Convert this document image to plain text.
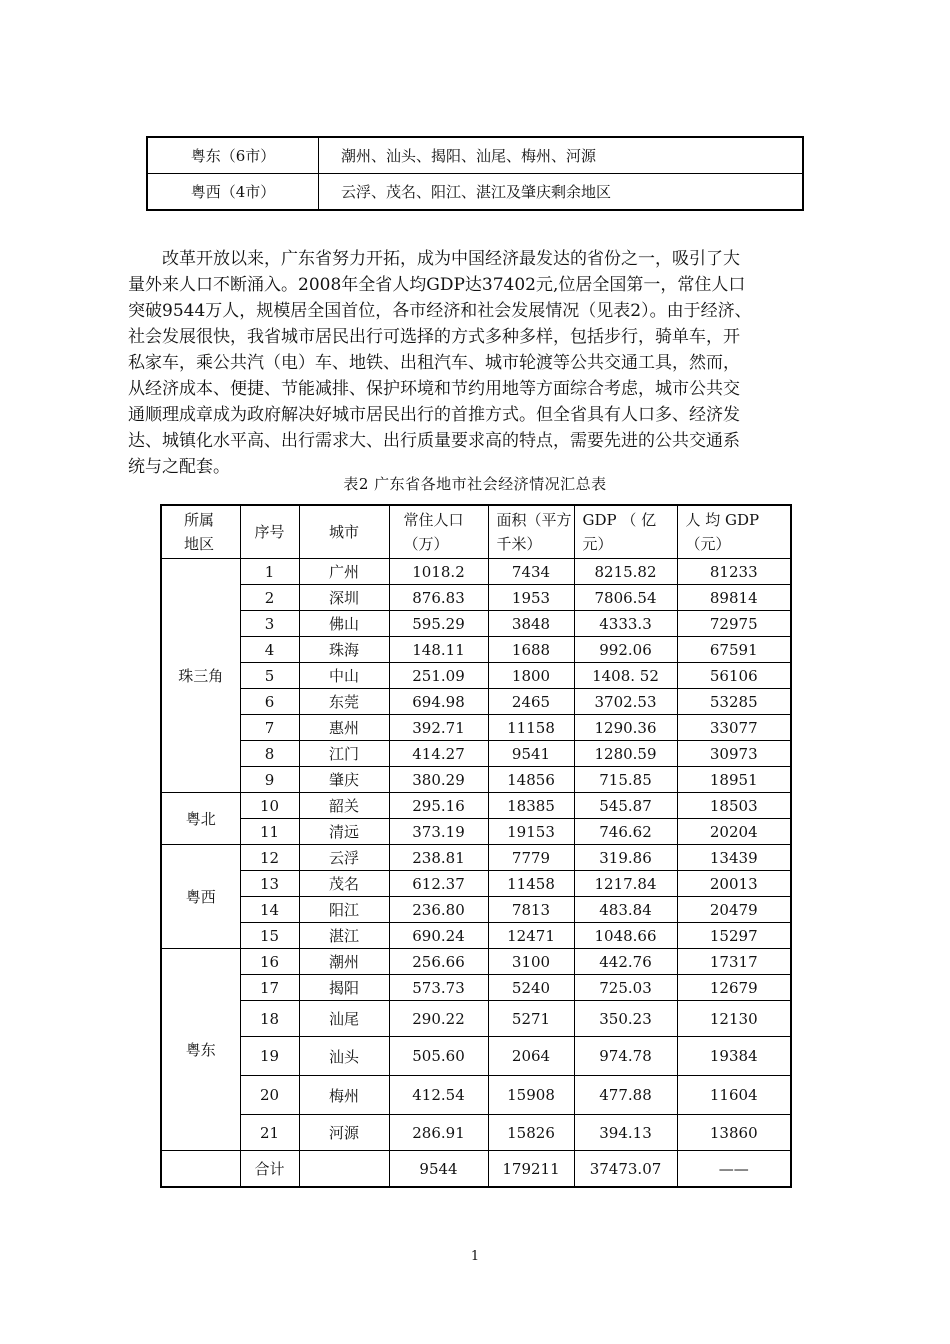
粤东（6市）	潮州、汕头、揭阳、汕尾、梅州、河源
粤西（4市）	云浮、茂名、阳江、湛江及肇庆剩余地区
改革开放以来，广东省努力开拓，成为中国经济最发达的省份之一，吸引了大
量外来人口不断涌入。2008年全省人均GDP达37402元,位居全国第一，常住人口
突破9544万人，规模居全国首位，各市经济和社会发展情况（见表2）。由于经济、
社会发展很快，我省城市居民出行可选择的方式多种多样，包括步行，骑单车，开
私家车，乘公共汽（电）车、地铁、出租汽车、城市轮渡等公共交通工具，然而，
从经济成本、便捷、节能减排、保护环境和节约用地等方面综合考虑，城市公共交
通顺理成章成为政府解决好城市居民出行的首推方式。但全省具有人口多、经济发
达、城镇化水平高、出行需求大、出行质量要求高的特点，需要先进的公共交通系
统与之配套。
表2 广东省各地市社会经济情况汇总表
所属地区	序号	城市	常住人口（万）	面积（平方千米）	GDP （ 亿元）	人 均 GDP（元）
珠三角	1	广州	1018.2	7434	8215.82	81233
	2	深圳	876.83	1953	7806.54	89814
	3	佛山	595.29	3848	4333.3	72975
	4	珠海	148.11	1688	992.06	67591
	5	中山	251.09	1800	1408. 52	56106
	6	东莞	694.98	2465	3702.53	53285
	7	惠州	392.71	11158	1290.36	33077
	8	江门	414.27	9541	1280.59	30973
	9	肇庆	380.29	14856	715.85	18951
粤北	10	韶关	295.16	18385	545.87	18503
	11	清远	373.19	19153	746.62	20204
粤西	12	云浮	238.81	7779	319.86	13439
	13	茂名	612.37	11458	1217.84	20013
	14	阳江	236.80	7813	483.84	20479
	15	湛江	690.24	12471	1048.66	15297
粤东	16	潮州	256.66	3100	442.76	17317
	17	揭阳	573.73	5240	725.03	12679
	18	汕尾	290.22	5271	350.23	12130
	19	汕头	505.60	2064	974.78	19384
	20	梅州	412.54	15908	477.88	11604
	21	河源	286.91	15826	394.13	13860
	合计		9544	179211	37473.07	——
1
